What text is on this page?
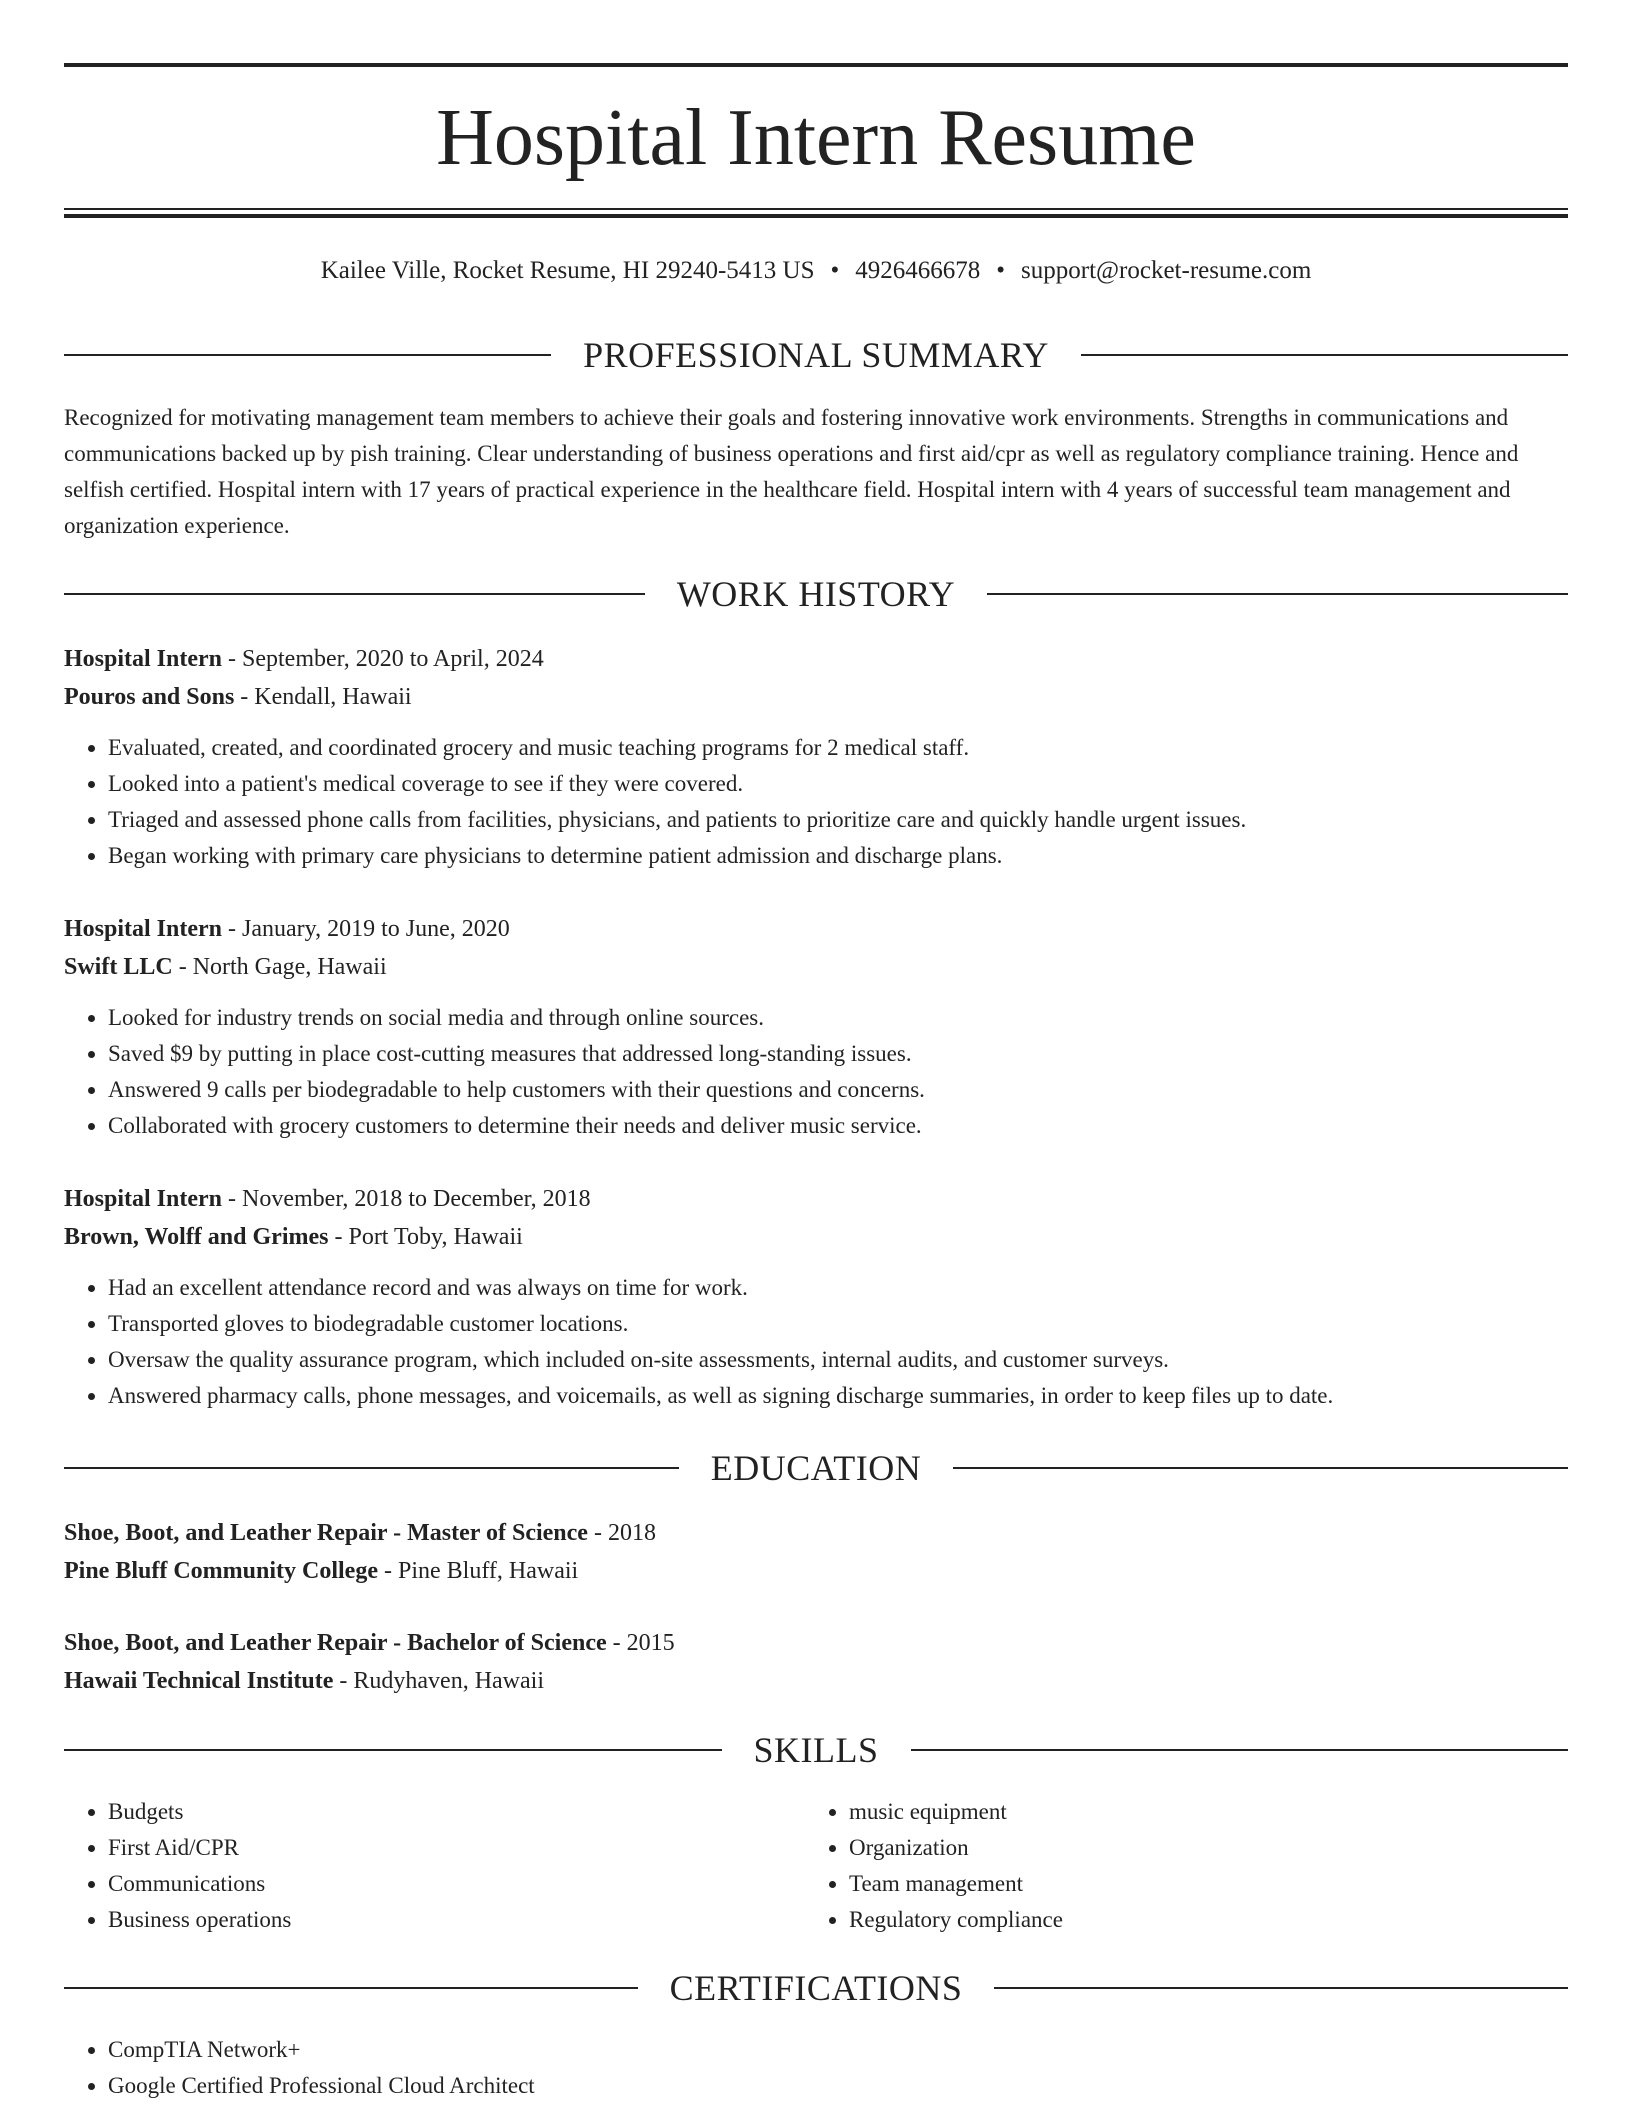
Hospital Intern Resume
Kailee Ville, Rocket Resume, HI 29240-5413 US • 4926466678 • support@rocket-resume.com
PROFESSIONAL SUMMARY

Recognized for motivating management team members to achieve their goals and fostering innovative work environments. Strengths in communications and communications backed up by pish training. Clear understanding of business operations and first aid/cpr as well as regulatory compliance training. Hence and selfish certified. Hospital intern with 17 years of practical experience in the healthcare field. Hospital intern with 4 years of successful team management and organization experience.

WORK HISTORY
Hospital Intern - September, 2020 to April, 2024
Pouros and Sons - Kendall, Hawaii
• Evaluated, created, and coordinated grocery and music teaching programs for 2 medical staff.
• Looked into a patient's medical coverage to see if they were covered.
• Triaged and assessed phone calls from facilities, physicians, and patients to prioritize care and quickly handle urgent issues.
• Began working with primary care physicians to determine patient admission and discharge plans.
Hospital Intern - January, 2019 to June, 2020
Swift LLC - North Gage, Hawaii
• Looked for industry trends on social media and through online sources.
• Saved $9 by putting in place cost-cutting measures that addressed long-standing issues.
• Answered 9 calls per biodegradable to help customers with their questions and concerns.
• Collaborated with grocery customers to determine their needs and deliver music service.
Hospital Intern - November, 2018 to December, 2018
Brown, Wolff and Grimes - Port Toby, Hawaii
• Had an excellent attendance record and was always on time for work.
• Transported gloves to biodegradable customer locations.
• Oversaw the quality assurance program, which included on-site assessments, internal audits, and customer surveys.
• Answered pharmacy calls, phone messages, and voicemails, as well as signing discharge summaries, in order to keep files up to date.
EDUCATION
Shoe, Boot, and Leather Repair - Master of Science - 2018
Pine Bluff Community College - Pine Bluff, Hawaii
Shoe, Boot, and Leather Repair - Bachelor of Science - 2015
Hawaii Technical Institute - Rudyhaven, Hawaii
SKILLS
• Budgets
• First Aid/CPR
• Communications
• Business operations
• music equipment
• Organization
• Team management
• Regulatory compliance
CERTIFICATIONS
• CompTIA Network+
• Google Certified Professional Cloud Architect
